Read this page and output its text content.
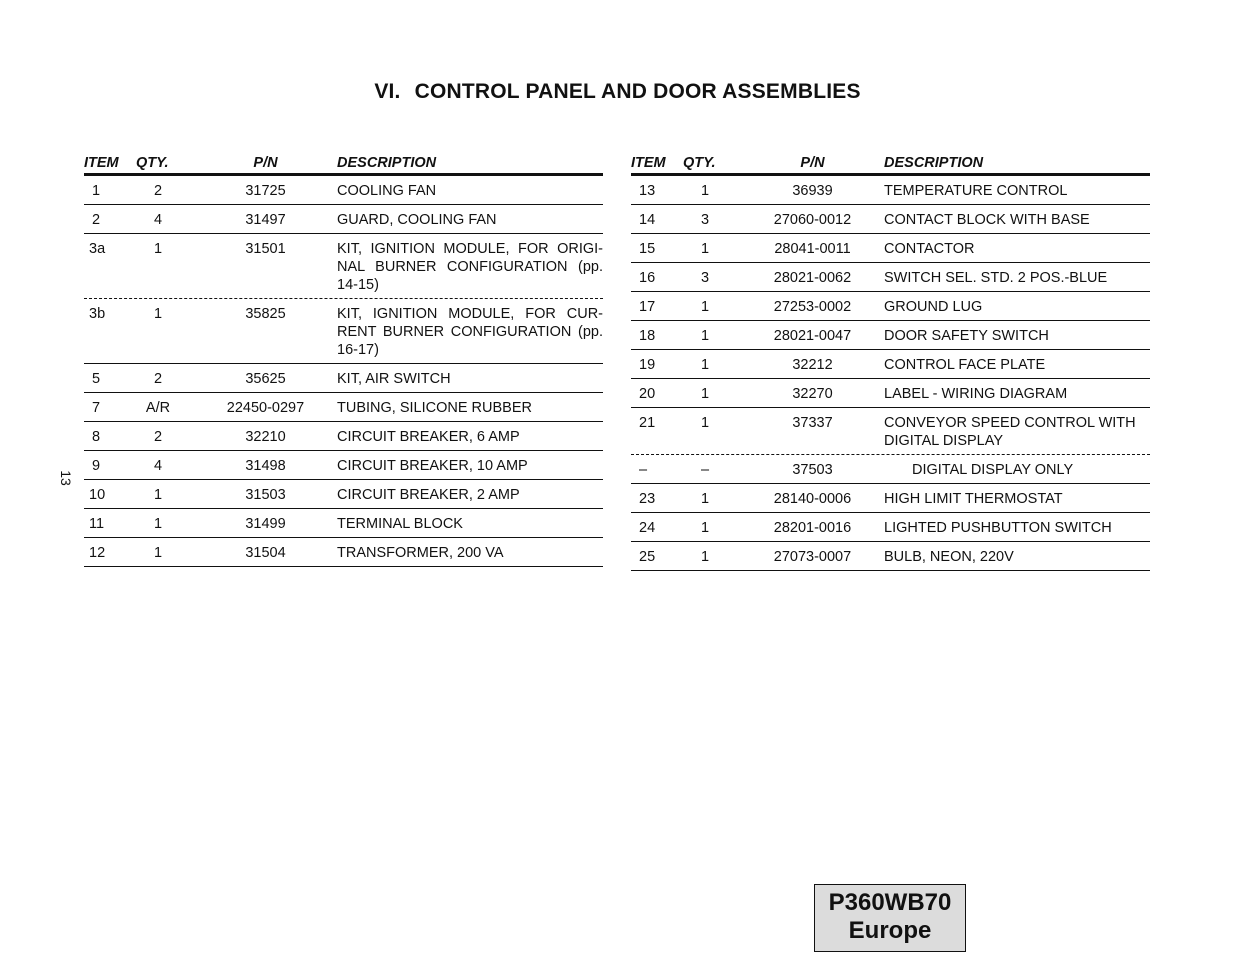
VI. CONTROL PANEL AND DOOR ASSEMBLIES
13
ITEM	QTY.	P/N	DESCRIPTION
1	2	31725	COOLING FAN
2	4	31497	GUARD, COOLING FAN
3a	1	31501	KIT, IGNITION MODULE, FOR ORIGI-NAL BURNER CONFIGURATION (pp. 14-15)
3b	1	35825	KIT, IGNITION MODULE, FOR CUR-RENT BURNER CONFIGURATION (pp. 16-17)
5	2	35625	KIT, AIR SWITCH
7	A/R	22450-0297	TUBING, SILICONE RUBBER
8	2	32210	CIRCUIT BREAKER, 6 AMP
9	4	31498	CIRCUIT BREAKER, 10 AMP
10	1	31503	CIRCUIT BREAKER, 2 AMP
11	1	31499	TERMINAL BLOCK
12	1	31504	TRANSFORMER, 200 VA
ITEM	QTY.	P/N	DESCRIPTION
13	1	36939	TEMPERATURE CONTROL
14	3	27060-0012	CONTACT BLOCK WITH BASE
15	1	28041-0011	CONTACTOR
16	3	28021-0062	SWITCH SEL. STD. 2 POS.-BLUE
17	1	27253-0002	GROUND LUG
18	1	28021-0047	DOOR SAFETY SWITCH
19	1	32212	CONTROL FACE PLATE
20	1	32270	LABEL - WIRING DIAGRAM
21	1	37337	CONVEYOR SPEED CONTROL WITH DIGITAL DISPLAY
–	–	37503	DIGITAL DISPLAY ONLY
23	1	28140-0006	HIGH LIMIT THERMOSTAT
24	1	28201-0016	LIGHTED PUSHBUTTON SWITCH
25	1	27073-0007	BULB, NEON, 220V
P360WB70
Europe
